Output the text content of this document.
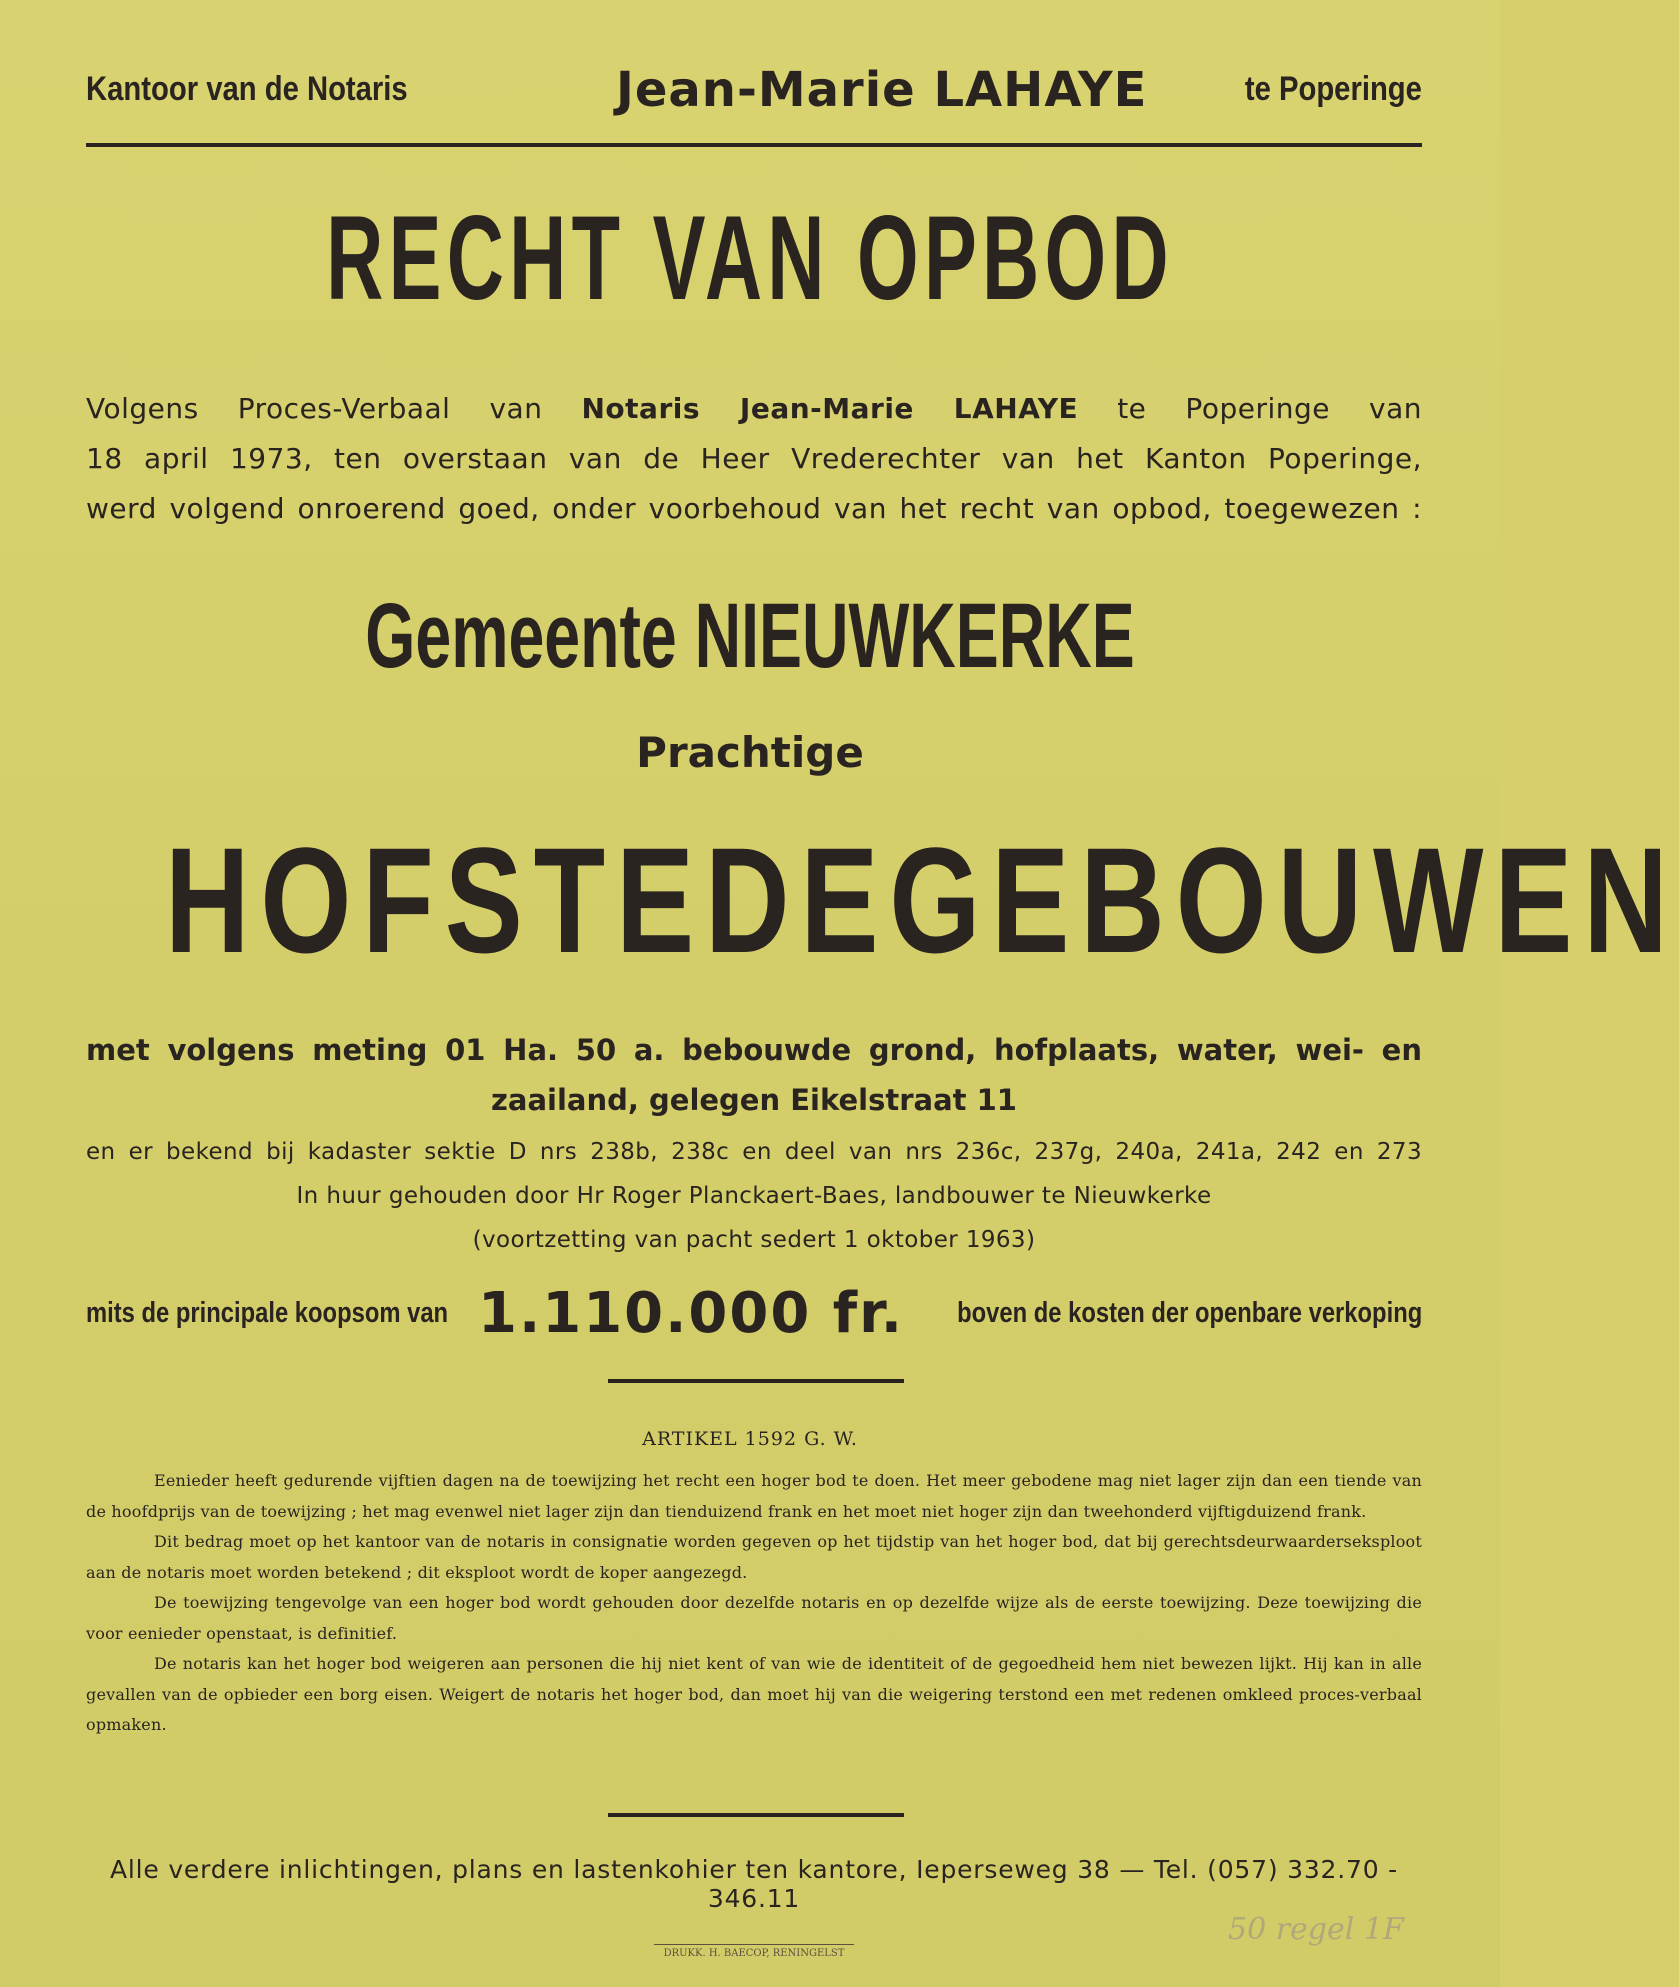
Kantoor van de Notaris	Jean-Marie LAHAYE	te Poperinge
RECHT VAN OPBOD
Volgens Proces-Verbaal van Notaris Jean-Marie LAHAYE te Poperinge van
18 april 1973, ten overstaan van de Heer Vrederechter van het Kanton Poperinge,
werd volgend onroerend goed, onder voorbehoud van het recht van opbod, toegewezen :
Gemeente NIEUWKERKE
Prachtige
HOFSTEDEGEBOUWEN
met volgens meting 01 Ha. 50 a. bebouwde grond, hofplaats, water, wei- en
zaailand, gelegen Eikelstraat 11
en er bekend bij kadaster sektie D nrs 238b, 238c en deel van nrs 236c, 237g, 240a, 241a, 242 en 273
In huur gehouden door Hr Roger Planckaert-Baes, landbouwer te Nieuwkerke
(voortzetting van pacht sedert 1 oktober 1963)
mits de principale koopsom van 1.110.000 fr. boven de kosten der openbare verkoping
ARTIKEL 1592 G. W.

Eenieder heeft gedurende vijftien dagen na de toewijzing het recht een hoger bod te doen. Het meer gebodene mag niet lager zijn dan een tiende van de hoofdprijs van de toewijzing ; het mag evenwel niet lager zijn dan tienduizend frank en het moet niet hoger zijn dan tweehonderd vijftigduizend frank.

Dit bedrag moet op het kantoor van de notaris in consignatie worden gegeven op het tijdstip van het hoger bod, dat bij gerechtsdeurwaarderseksploot aan de notaris moet worden betekend ; dit eksploot wordt de koper aangezegd.

De toewijzing tengevolge van een hoger bod wordt gehouden door dezelfde notaris en op dezelfde wijze als de eerste toewijzing. Deze toewijzing die voor eenieder openstaat, is definitief.

De notaris kan het hoger bod weigeren aan personen die hij niet kent of van wie de identiteit of de gegoedheid hem niet bewezen lijkt. Hij kan in alle gevallen van de opbieder een borg eisen. Weigert de notaris het hoger bod, dan moet hij van die weigering terstond een met redenen omkleed proces-verbaal opmaken.

Alle verdere inlichtingen, plans en lastenkohier ten kantore, Ieperseweg 38 — Tel. (057) 332.70 - 346.11
DRUKK. H. BAECOP, RENINGELST
50 regel 1F
